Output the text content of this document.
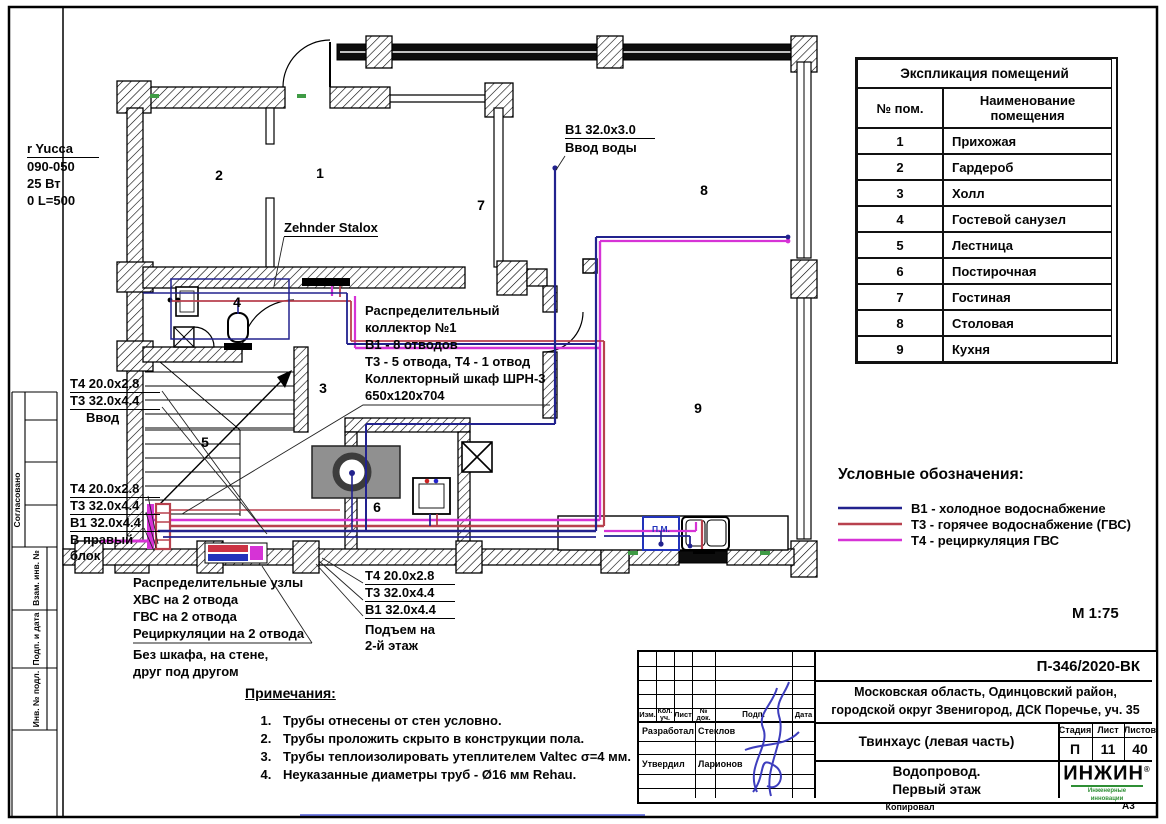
1
2
3
4
5
6
7
8
9
П.М.
r Yucca
090-050
25 Вт
0 L=500
Zehnder Stalox
В1 32.0х3.0
Ввод воды
Распределительный
коллектор №1
В1 - 8 отводов
Т3 - 5 отвода, Т4 - 1 отвод
Коллекторный шкаф ШРН-3
650х120х704
Т4 20.0х2.8
Т3 32.0х4.4
Ввод
Т4 20.0х2.8
Т3 32.0х4.4
В1 32.0х4.4
В правый
блок
Распределительные узлы
ХВС на 2 отвода
ГВС на 2 отвода
Рециркуляции на 2 отвода
Без шкафа, на стене,
друг под другом
Т4 20.0х2.8
Т3 32.0х4.4
В1 32.0х4.4
Подъем на
2-й этаж
Экспликация помещений
№ пом.	Наименование помещения
1	Прихожая
2	Гардероб
3	Холл
4	Гостевой санузел
5	Лестница
6	Постирочная
7	Гостиная
8	Столовая
9	Кухня
Условные обозначения:
В1 - холодное водоснабжение
Т3 - горячее водоснабжение (ГВС)
Т4 - рециркуляция ГВС
М 1:75
Примечания:
1. Трубы отнесены от стен условно.
2. Трубы проложить скрыто в конструкции пола.
3. Трубы теплоизолировать утеплителем Valtec σ=4 мм.
4. Неуказанные диаметры труб - Ø16 мм Rehau.
Изм. Кол. уч. Лист	№ док.	Подп.	Дата
Разработал Стеклов
Утвердил	Ларионов
П-346/2020-ВК
Московская область, Одинцовский район,
городской округ Звенигород, ДСК Поречье, уч. 35
Твинхаус (левая часть)
Стадия Лист Листов
П	11	40
Водопровод.
Первый этаж
ИНЖИН®
Инженерные инновации
Копировал	А3
Согласовано
Взам. инв. №
Подп. и дата
Инв. № подл.
